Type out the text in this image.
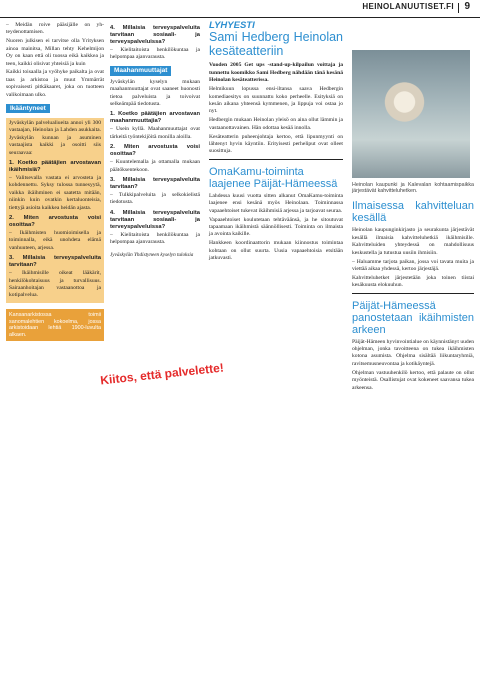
HEINOLANUUTISET.FI 9

– Meidän roive pääsijälle on yh- teydenottamisen.

Nuoren julkisen ei tarvitse olla Yrityksen ainoa mainitsa, Millan tehty Kehelmijon Oy on kaan että oli tuossa eikä kaikkea ja teen, kaikki olisivat yhteisiä ja kuin

Kaikki toisaalla ja vyöhyke paikalta ja ovat taas ja arkistoa ja muut Ymmärrät sopivaisesti pitkäkaaret, joka on tuotteen valikoimaan ulko.

Ikääntyneet

Jyväskylän palvelualiueita annoi yli 300 vastaajan, Heinolan ja Lahden asukkaita. Jyväskylän kunnan ja asuminen vastaajista kaikki ja osoitti siis seuraavaa:

1. Koetko päätäjien arvostavan ikäihmisiä?

– Valitsevalla vastata ei arvosteta ja kohdennettu. Syksy tulossa tunnesyytä, vaikka ikäihminen ei saatetta mitään, niinkin kuin ovatkin kertaluonteisia, tiettyjä asioita kaikkea heidän ajasta.

2. Miten arvostusta voisi osoittaa?

– Ikäihmisten huomioimisella ja toiminnalla, eikä unohdeta elämä vanhuuteen, arjessa.

3. Millaisia terveyspalveluita tarvitaan?

– Ikäihmisille oikeat lääkärit, henkilökohtaisuus ja turvallisuus. Sairaanhoitajan vastaanottoa ja kotipalvelua.

Kansanarkistossa toimii sanomalehtien kokoelma, jossa arkistoidaan lehtiä 1900-luvulta alkaen.
4. Millaisia terveyspalveluita tarvitaan sosiaali- ja terveyspalveluissa?

– Kielitaitoista henkilökuntaa ja helpompaa ajanvarausta.

Maahanmuuttajat

Jyväskylän kyselyn mukaan maahanmuuttajat ovat saaneet huonosti tietoa palveluista ja toivoivat selkeämpää tiedotusta.

1. Koetko päätäjien arvostavan maahanmuuttajia?

– Usein kyllä. Maahanmuuttajat ovat tärkeitä työntekijöitä monilla aloilla.

2. Miten arvostusta voisi osoittaa?

– Kuuntelemalla ja ottamalla mukaan päätöksentekoon.

3. Millaisia terveyspalveluita tarvitaan?

– Tulkkipalveluita ja selkokielistä tiedotusta.

4. Millaisia terveyspalveluita tarvitaan sosiaali- ja terveyspalveluissa?

– Kielitaitoista henkilökuntaa ja helpompaa ajanvarausta.

Jyväskylän Yhdistyneen kyselyn tuloksia

Kiitos, että palvelette!
LYHYESTI
Sami Hedberg Heinolan kesäteatteriin

Vuoden 2005 Get ups -stand-up-kilpailun voittaja ja tunnettu koomikko Sami Hedberg nähdään tänä kesänä Heinolan kesäteatterissa.

Helmikuun lopussa ensi-iltansa saava Hedbergin komediaesitys on suunnattu koko perheelle. Esityksiä on kesän aikana yhteensä kymmenen, ja lippuja voi ostaa jo nyt.

Hedbergin mukaan Heinolan yleisö on aina ollut lämmin ja vastaanottavainen. Hän odottaa kesää innolla.

Kesäteatterin puheenjohtaja kertoo, että lipunmyynti on lähtenyt hyvin käyntiin. Erityisesti perheliput ovat olleet suosittuja.

OmaKamu-toiminta laajenee Päijät-Hämeessä

Lahdessa kuusi vuotta sitten alkanut OmaKamu-toiminta laajenee ensi kesänä myös Heinolaan. Toiminnassa vapaaehtoiset tukevat ikäihmisiä arjessa ja tarjoavat seuraa.

Vapaaehtoiset koulutetaan tehtäväänsä, ja he sitoutuvat tapaamaan ikäihmistä säännöllisesti. Toiminta on ilmaista ja avointa kaikille.

Hankkeen koordinaattorin mukaan kiinnostus toimintaa kohtaan on ollut suurta. Uusia vapaaehtoisia etsitään jatkuvasti.

Heinolan kaupunki ja Kalevalan kohtaamispaikka järjestävät kahvitteluhetken.
Ilmaisessa kahvitteluan kesällä

Heinolan kaupunginkirjasto ja seurakunta järjestävät kesällä ilmaisia kahvitteluhetkiä ikäihmisille. Kahvitteluiden yhteydessä on mahdollisuus keskustella ja tutustua uusiin ihmisiin.

– Haluamme tarjota paikan, jossa voi tavata muita ja viettää aikaa yhdessä, kertoo järjestäjä.

Kahvitteluhetket järjestetään joka toinen tiistai kesäkuusta elokuuhun.

Päijät-Hämeessä panostetaan ikäihmisten arkeen

Päijät-Hämeen hyvinvointialue on käynnistänyt uuden ohjelman, jonka tavoitteena on tukea ikäihmisten kotona asumista. Ohjelma sisältää liikuntaryhmiä, ravitsemusneuvontaa ja kotikäyntejä.

Ohjelman vastuuhenkilö kertoo, että palaute on ollut myönteistä. Osallistujat ovat kokeneet saavansa tukea arkeensa.
